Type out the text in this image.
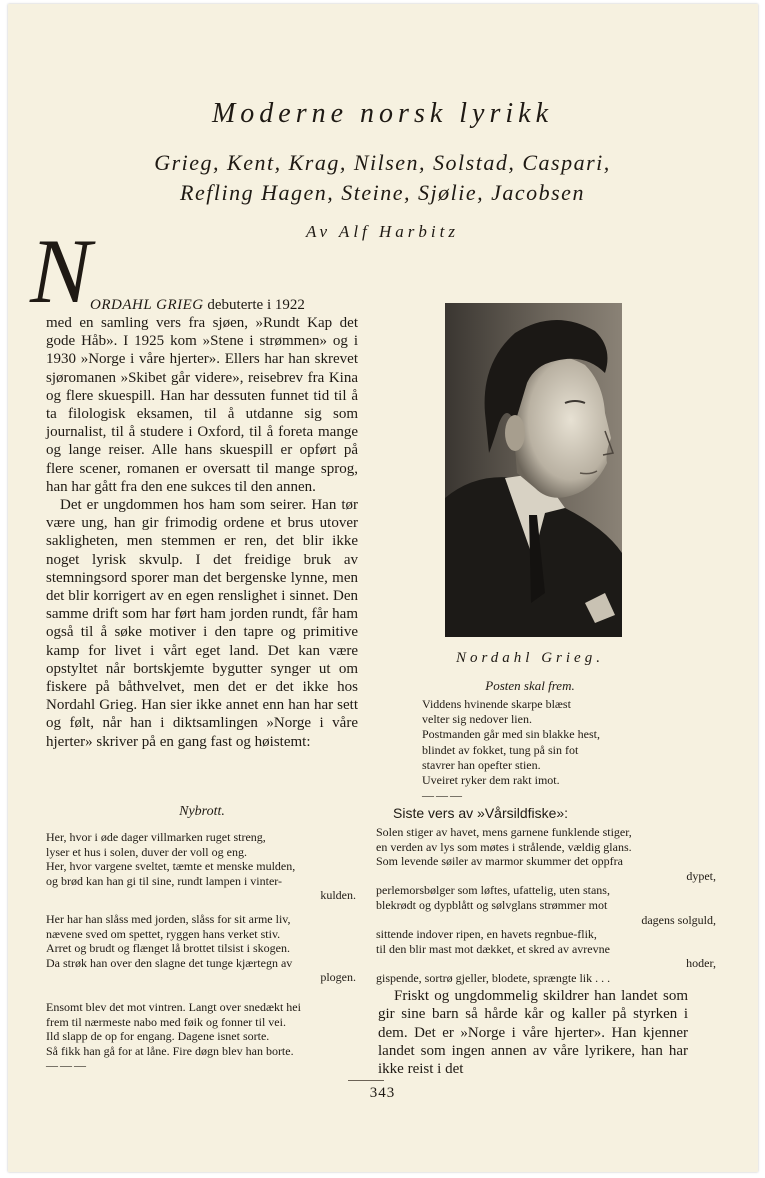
Moderne norsk lyrikk
Grieg, Kent, Krag, Nilsen, Solstad, Caspari,
Refling Hagen, Steine, Sjølie, Jacobsen
Av Alf Harbitz
N
ORDAHL GRIEG debuterte i 1922

med en samling vers fra sjøen, »Rundt Kap det gode Håb». I 1925 kom »Stene i strømmen» og i 1930 »Norge i våre hjerter». Ellers har han skrevet sjøromanen »Skibet går videre», reisebrev fra Kina og flere skuespill. Han har dessuten funnet tid til å ta filologisk eksamen, til å utdanne sig som journalist, til å studere i Oxford, til å foreta mange og lange reiser. Alle hans skuespill er opført på flere scener, romanen er oversatt til mange sprog, han har gått fra den ene sukces til den annen.

Det er ungdommen hos ham som seirer. Han tør være ung, han gir frimodig ordene et brus utover sakligheten, men stemmen er ren, det blir ikke noget lyrisk skvulp. I det freidige bruk av stemningsord sporer man det bergenske lynne, men det blir korrigert av en egen renslighet i sinnet. Den samme drift som har ført ham jorden rundt, får ham også til å søke motiver i den tapre og primitive kamp for livet i vårt eget land. Det kan være opstyltet når bortskjemte bygutter synger ut om fiskere på båthvelvet, men det er det ikke hos Nordahl Grieg. Han sier ikke annet enn han har sett og følt, når han i diktsamlingen »Norge i våre hjerter» skriver på en gang fast og høistemt:

Nybrott.
Her, hvor i øde dager villmarken ruget streng,
lyser et hus i solen, duver der voll og eng.
Her, hvor vargene sveltet, tæmte et menske mulden,
og brød kan han gi til sine, rundt lampen i vinter-
kulden.
Her har han slåss med jorden, slåss for sit arme liv,
nævene sved om spettet, ryggen hans verket stiv.
Arret og brudt og flænget lå brottet tilsist i skogen.
Da strøk han over den slagne det tunge kjærtegn av
plogen.
Ensomt blev det mot vintren. Langt over snedækt hei
frem til nærmeste nabo med føik og fonner til vei.
Ild slapp de op for engang. Dagene isnet sorte.
Så fikk han gå for at låne. Fire døgn blev han borte.
———
Nordahl Grieg.
Posten skal frem.
Viddens hvinende skarpe blæst
velter sig nedover lien.
Postmanden går med sin blakke hest,
blindet av fokket, tung på sin fot
stavrer han opefter stien.
Uveiret ryker dem rakt imot.
———
Siste vers av »Vårsildfiske»:
Solen stiger av havet, mens garnene funklende stiger,
en verden av lys som møtes i strålende, vældig glans.
Som levende søiler av marmor skummer det oppfra
dypet,
perlemorsbølger som løftes, ufattelig, uten stans,
blekrødt og dypblått og sølvglans strømmer mot
dagens solguld,
sittende indover ripen, en havets regnbue-flik,
til den blir mast mot dækket, et skred av avrevne
hoder,
gispende, sortrø gjeller, blodete, sprængte lik . . .

Friskt og ungdommelig skildrer han landet som gir sine barn så hårde kår og kaller på styrken i dem. Det er »Norge i våre hjerter». Han kjenner landet som ingen annen av våre lyrikere, han har ikke reist i det

343
